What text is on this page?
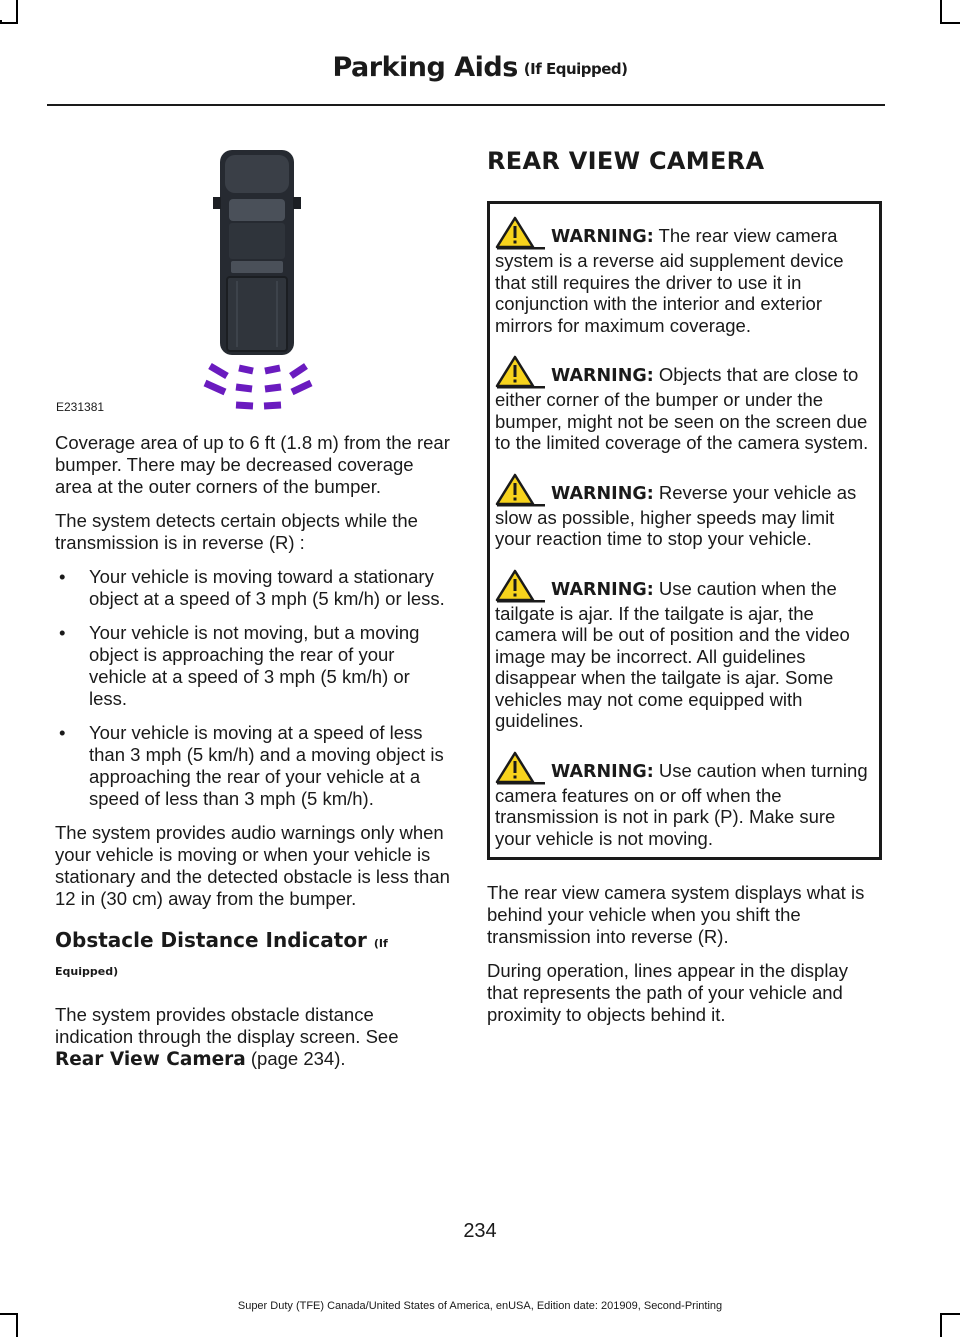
Parking Aids (If Equipped)
E231381

Coverage area of up to 6 ft (1.8 m) from the rear bumper. There may be decreased coverage area at the outer corners of the bumper.

The system detects certain objects while the transmission is in reverse (R) :

• Your vehicle is moving toward a stationary object at a speed of 3 mph (5 km/h) or less.
• Your vehicle is not moving, but a moving object is approaching the rear of your vehicle at a speed of 3 mph (5 km/h) or less.
• Your vehicle is moving at a speed of less than 3 mph (5 km/h) and a moving object is approaching the rear of your vehicle at a speed of less than 3 mph (5 km/h).

The system provides audio warnings only when your vehicle is moving or when your vehicle is stationary and the detected obstacle is less than 12 in (30 cm) away from the bumper.

Obstacle Distance Indicator (If Equipped)

The system provides obstacle distance indication through the display screen. See Rear View Camera (page 234).

REAR VIEW CAMERA
WARNING: The rear view camera system is a reverse aid supplement device that still requires the driver to use it in conjunction with the interior and exterior mirrors for maximum coverage.
WARNING: Objects that are close to either corner of the bumper or under the bumper, might not be seen on the screen due to the limited coverage of the camera system.
WARNING: Reverse your vehicle as slow as possible, higher speeds may limit your reaction time to stop your vehicle.
WARNING: Use caution when the tailgate is ajar. If the tailgate is ajar, the camera will be out of position and the video image may be incorrect. All guidelines disappear when the tailgate is ajar. Some vehicles may not come equipped with guidelines.
WARNING: Use caution when turning camera features on or off when the transmission is not in park (P). Make sure your vehicle is not moving.

The rear view camera system displays what is behind your vehicle when you shift the transmission into reverse (R).

During operation, lines appear in the display that represents the path of your vehicle and proximity to objects behind it.

234
Super Duty (TFE) Canada/United States of America, enUSA, Edition date: 201909, Second-Printing
